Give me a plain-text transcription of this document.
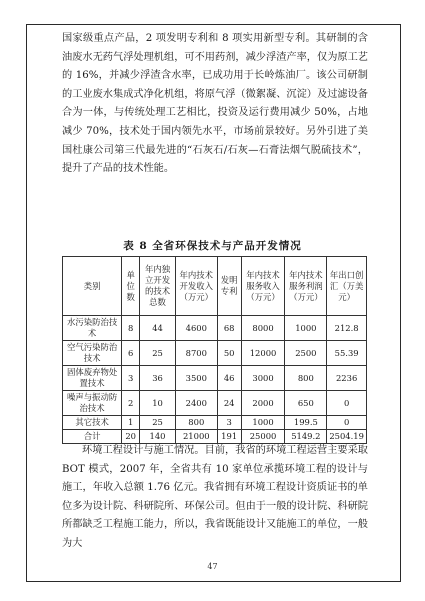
国家级重点产品，2 项发明专利和 8 项实用新型专利。其研制的含油废水无药气浮处理机组，可不用药剂，减少浮渣产率，仅为原工艺的 16%，并减少浮渣含水率，已成功用于长岭炼油厂。该公司研制的工业废水集成式净化机组，将原气浮（微絮凝、沉淀）及过滤设备合为一体，与传统处理工艺相比，投资及运行费用减少 50%，占地减少 70%，技术处于国内领先水平，市场前景较好。另外引进了美国杜康公司第三代最先进的“石灰石/石灰—石膏法烟气脱硫技术”，提升了产品的技术性能。

表 8 全省环保技术与产品开发情况
类别	单位数	年内独立开发的技术总数	年内技术开发收入（万元）	发明专利	年内技术服务收入（万元）	年内技术服务利润（万元）	年出口创汇（万美元）
水污染防治技术	8	44	4600	68	8000	1000	212.8
空气污染防治技术	6	25	8700	50	12000	2500	55.39
固体废弃物处置技术	3	36	3500	46	3000	800	2236
噪声与振动防治技术	2	10	2400	24	2000	650	0
其它技术	1	25	800	3	1000	199.5	0
合计	20	140	21000	191	25000	5149.2	2504.19

环境工程设计与施工情况。目前，我省的环境工程运营主要采取 BOT 模式，2007 年，全省共有 10 家单位承揽环境工程的设计与施工，年收入总额 1.76 亿元。我省拥有环境工程设计资质证书的单位多为设计院、科研院所、环保公司。但由于一般的设计院、科研院所都缺乏工程施工能力，所以，我省既能设计又能施工的单位，一般为大

47
